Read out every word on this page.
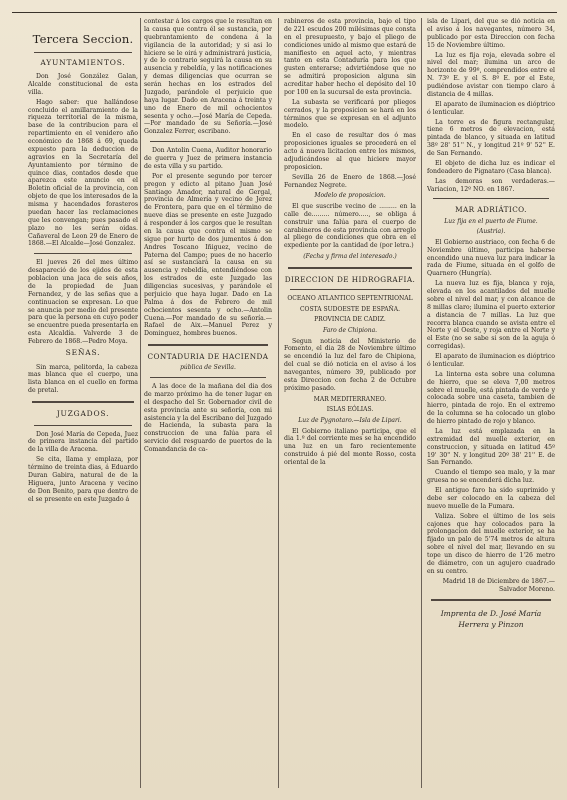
Tercera Seccion.
AYUNTAMIENTOS.

Don José González Galan, Alcalde constitucional de esta villa.

Hago saber: que hallándose concluido el amillaramiento de la riqueza territorial de la misma, base de la contribucion para el repartimiento en el venidero año económico de 1868 á 69, queda expuesto para la deduccion de agravios en la Secretaría del Ayuntamiento por término de quince dias, contados desde que aparezca este anuncio en el Boletin oficial de la provincia, con objeto de que los interesados de la misma y hacendados forasteros puedan hacer las reclamaciones que les convengan; pues pasado el plazo no les serán oidas. Cañaveral de Leon 29 de Enero de 1868.—El Alcalde—José Gonzalez.

El jueves 26 del mes último desapareció de los ejidos de esta poblacion una jaca de seis años, de la propiedad de Juan Fernandez, y de las señas que a continuacion se expresan. Lo que se anuncia por medio del presente para que la persona en cuyo poder se encuentre pueda presentarla en esta Alcaldía. Valverde 3 de Febrero de 1868.—Pedro Moya.

SEÑAS.

Sin marca, pelitorda, la cabeza mas blanca que el cuerpo, una lista blanca en el cuello en forma de pretal.

JUZGADOS.

Don José María de Cepeda, Juez de primera instancia del partido de la villa de Aracena.

Se cita, llama y emplaza, por término de treinta dias, á Eduardo Duran Gabira, natural de de la Higuera, junto Aracena y vecino de Don Benito, para que dentro de el se presente en este Juzgado á

contestar á los cargos que le resultan en la causa que contra él se sustancia, por quebrantamiento de condena á la vigilancia de la autoridad; y si asi lo hiciere se le oirá y administrará justicia, y de lo contrario seguirá la causa en su ausencia y rebeldía, y las notificaciones y demas diligencias que ocurran se serán hechas en los estrados del Juzgado, parándole el perjuicio que haya lugar. Dado en Aracena á treinta y uno de Enero de mil ochocientos sesenta y ocho.—José María de Cepeda.—Por mandado de su Señoría.—José Gonzalez Ferrer, escribano.

Don Antolin Cuena, Auditor honorario de guerra y Juez de primera instancia de esta villa y su partido.

Por el presente segundo por tercer pregon y edicto al pitano Juan José Santiago Amador, natural de Gergal, provincia de Almería y vecino de Jerez de Frontera, para que en el término de nueve dias se presente en este Juzgado á responder á los cargos que le resultan en la causa que contra el mismo se sigue por hurto de dos jumentos á don Andres Toscano Iñiguez, vecino de Paterna del Campo; pues de no hacerlo así se sustanciará la causa en su ausencia y rebeldía, entendiéndose con los estrados de este Juzgado las diligencias sucesivas, y parándole el perjuicio que haya lugar. Dado en La Palma á dos de Febrero de mil ochocientos sesenta y ocho.—Antolin Cuena.—Por mandado de su señoría.—Rafael de Aix.—Manuel Perez y Dominguez, hombres buenos.

CONTADURIA DE HACIENDA
pública de Sevilla.

A las doce de la mañana del dia dos de marzo próximo ha de tener lugar en el despacho del Sr. Gobernador civil de esta provincia ante su señoría, con mi asistencia y la del Escribano del Juzgado de Hacienda, la subasta para la construccion de una falúa para el servicio del resguardo de puertos de la Comandancia de ca-

rabineros de esta provincia, bajo el tipo de 221 escudos 200 milésimas que consta en el presupuesto, y bajo el pliego de condiciones unido al mismo que estará de manifiesto en aquel acto, y mientras tanto en esta Contaduría para los que gusten enterarse; advirtiéndose que no se admitirá proposicion alguna sin acreditar haber hecho el depósito del 10 por 100 en la sucursal de esta provincia.

La subasta se verificará por pliegos cerrados, y la proposicion se hará en los términos que se expresan en el adjunto modelo.

En el caso de resultar dos ó mas proposiciones iguales se procederá en el acto á nueva licitacion entre los mismos, adjudicándose al que hiciere mayor proposicion.

Sevilla 26 de Enero de 1868.—José Fernandez Negrete.

Modelo de proposicion.

El que suscribe vecino de ......... en la calle de......... número....., se obliga á construir una falúa para el cuerpo de carabineros de esta provincia con arreglo al pliego de condiciones que obra en el expediente por la cantidad de (por letra.)

(Fecha y firma del interesado.)
DIRECCION DE HIDROGRAFIA.
OCEANO ATLANTICO SEPTENTRIONAL
COSTA SUDOESTE DE ESPAÑA.
PROVINCIA DE CADIZ.
Faro de Chipiona.

Segun noticia del Ministerio de Fomento, el dia 28 de Noviembre último se encendió la luz del faro de Chipiona, del cual se dió noticia en el aviso á los navegantes, número 39, publicado por esta Direccion con fecha 2 de Octubre próximo pasado.

MAR MEDITERRANEO.
ISLAS EÓLIAS.
Luz de Pygnotaro.—Isla de Lipari.

El Gobierno italiano participa, que el dia 1.º del corriente mes se ha encendido una luz en un faro recientemente construido á pié del monte Rosso, costa oriental de la

isla de Lipari, del que se dió noticia en el aviso á los navegantes, número 34, publicado por esta Direccion con fecha 15 de Noviembre último.

La luz es fija roja, elevada sobre el nivel del mar; ilumina un arco de horizonte de 99º, comprendidos entre el N. 73º E. y el S. 8º E. por el Este, pudiéndose avistar con tiempo claro á distancia de 4 millas.

El aparato de iluminacion es dióptrico ó lenticular.

La torre es de figura rectangular, tiene 6 metros de elevacion, está pintada de blanco, y situada en latitud 38º 28' 51'' N., y longitud 21º 9' 52'' E. de San Fernando.

El objeto de dicha luz es indicar el fondeadero de Pignataro (Casa blanca).

Las demoras son verdaderas.—Variacion, 12º NO. en 1867.

MAR ADRIÁTICO.
Luz fija en el puerto de Fiume.
(Austria).

El Gobierno austriaco, con fecha 6 de Noviembre último, participa haberse encendido una nueva luz para indicar la rada de Fiume, situada en el golfo de Quarnero (Hungría).

La nueva luz es fija, blanca y roja, elevada en los acantilados del muelle sobre el nivel del mar, y con alcance de 8 millas claro; ilumina el puerto exterior a distancia de 7 millas. La luz que recorra blanca cuando se avista entre el Norte y el Oeste, y roja entre el Norte y el Este (no se sabe si son de la aguja ó corregidas).

El aparato de iluminacion es dióptrico ó lenticular.

La linterna esta sobre una columna de hierro, que se eleva 7,00 metros sobre el muelle, está pintada de verde y colocada sobre una caseta, tambien de hierro, pintada de rojo. En el extremo de la columna se ha colocado un globo de hierro pintado de rojo y blanco.

La luz está emplazada en la extremidad del muelle exterior, en construccion, y situada en latitud 45º 19' 30'' N. y longitud 20º 38' 21'' E. de San Fernando.

Cuando el tiempo sea malo, y la mar gruesa no se encenderá dicha luz.

El antiguo faro ha sido suprimido y debe ser colocado en la cabeza del nuevo muelle de la Fumara.

Valiza. Sobre el último de los seis cajones que hay colocados para la prolongacion del muelle exterior, se ha fijado un palo de 5'74 metros de altura sobre el nivel del mar, llevando en su tope un disco de hierro de 1'26 metro de diámetro, con un agujero cuadrado en su centro.

Madrid 18 de Diciembre de 1867.—Salvador Moreno.

Imprenta de D. José María
Herrera y Pinzon
